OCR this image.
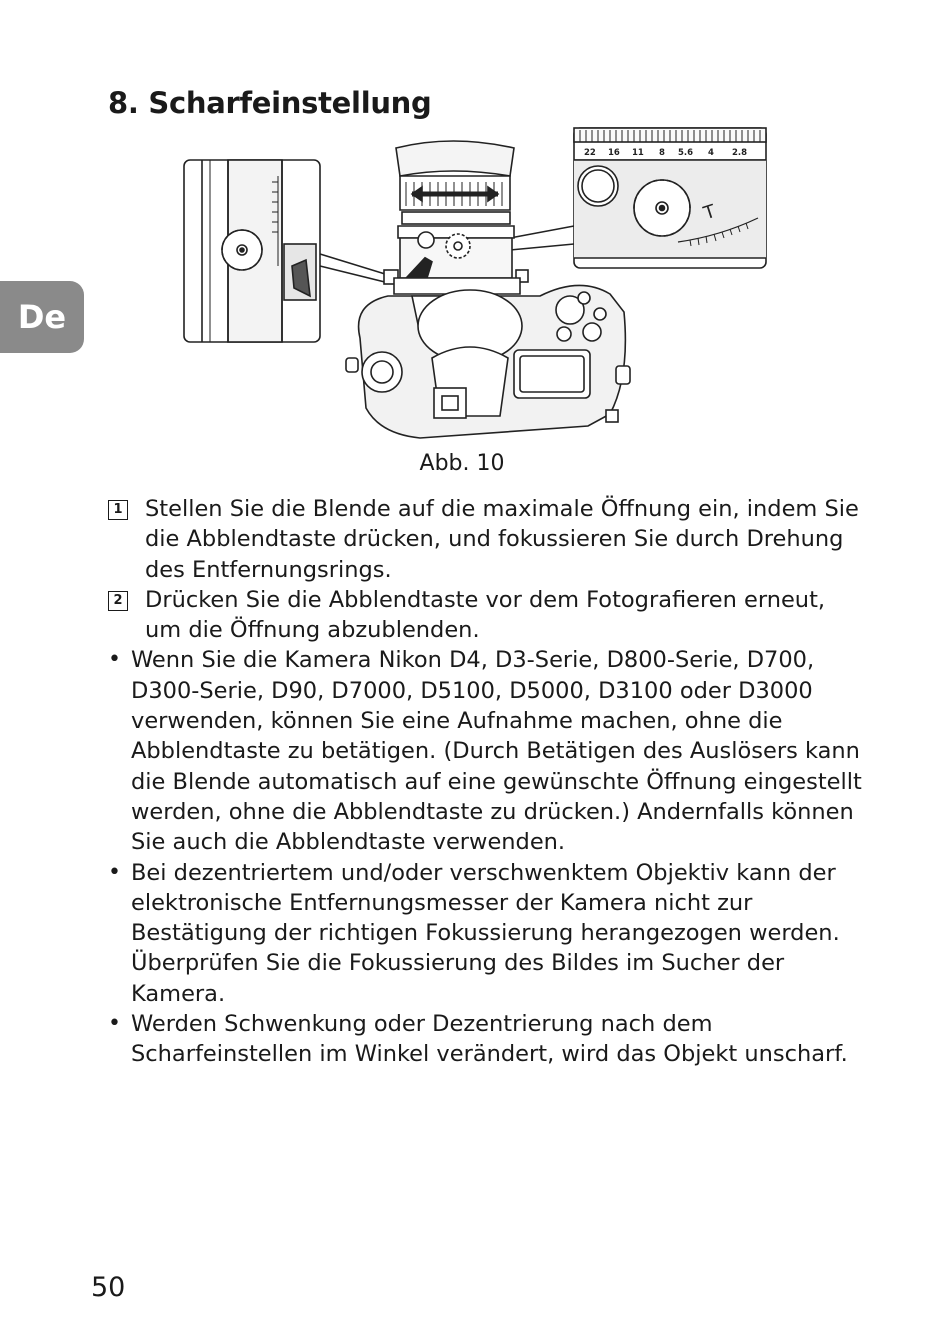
8. Scharfeinstellung
De
22 16 11 8 5.6 4 2.8
T
Abb. 10
1 Stellen Sie die Blende auf die maximale Öffnung ein, indem Sie die Abblendtaste drücken, und fokussieren Sie durch Drehung des Entfernungsrings.
2 Drücken Sie die Abblendtaste vor dem Fotografieren erneut, um die Öffnung abzublenden.
• Wenn Sie die Kamera Nikon D4, D3-Serie, D800-Serie, D700, D300-Serie, D90, D7000, D5100, D5000, D3100 oder D3000 verwenden, können Sie eine Aufnahme machen, ohne die Abblendtaste zu betätigen. (Durch Betätigen des Auslösers kann die Blende automatisch auf eine gewünschte Öffnung eingestellt werden, ohne die Abblendtaste zu drücken.) Andernfalls können Sie auch die Abblendtaste verwenden.
• Bei dezentriertem und/oder verschwenktem Objektiv kann der elektronische Entfernungsmesser der Kamera nicht zur Bestätigung der richtigen Fokussierung herangezogen werden. Überprüfen Sie die Fokussierung des Bildes im Sucher der Kamera.
• Werden Schwenkung oder Dezentrierung nach dem Scharfeinstellen im Winkel verändert, wird das Objekt unscharf.
50
